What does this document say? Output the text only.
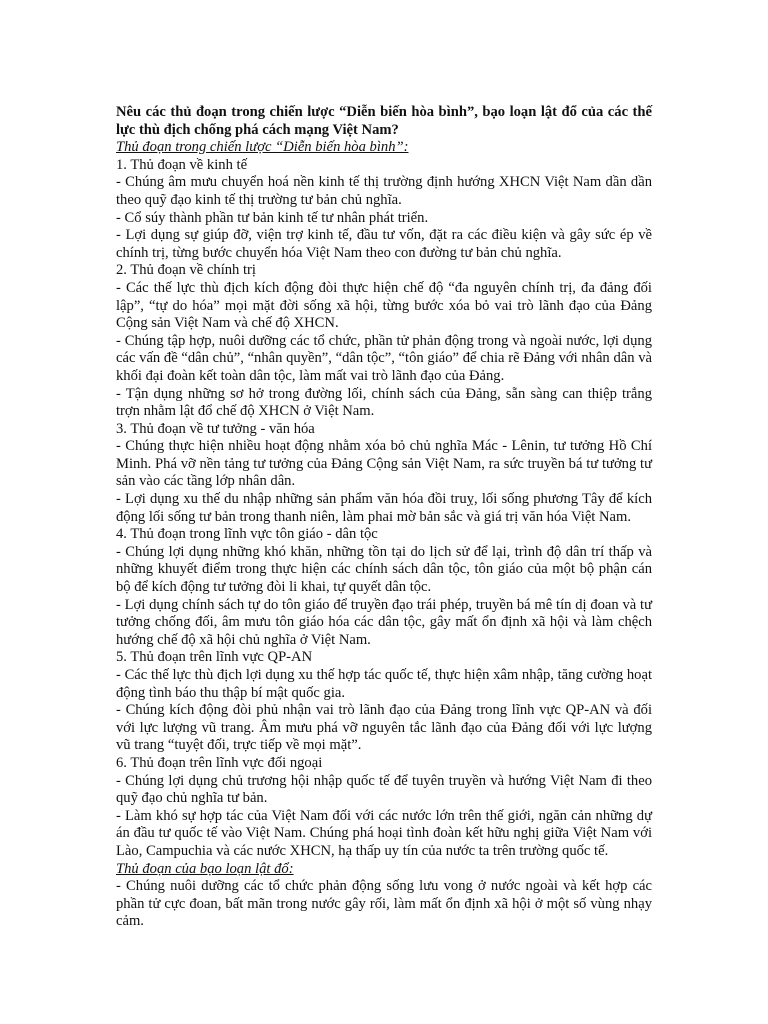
Nêu các thủ đoạn trong chiến lược “Diễn biến hòa bình”, bạo loạn lật đổ của các thế lực thù địch chống phá cách mạng Việt Nam?

Thủ đoạn trong chiến lược “Diễn biến hòa bình”:

1. Thủ đoạn về kinh tế

- Chúng âm mưu chuyển hoá nền kinh tế thị trường định hướng XHCN Việt Nam dần dần theo quỹ đạo kinh tế thị trường tư bản chủ nghĩa.

- Cổ súy thành phần tư bản kinh tế tư nhân phát triển.

- Lợi dụng sự giúp đỡ, viện trợ kinh tế, đầu tư vốn, đặt ra các điều kiện và gây sức ép về chính trị, từng bước chuyển hóa Việt Nam theo con đường tư bản chủ nghĩa.

2. Thủ đoạn về chính trị

- Các thế lực thù địch kích động đòi thực hiện chế độ “đa nguyên chính trị, đa đảng đối lập”, “tự do hóa” mọi mặt đời sống xã hội, từng bước xóa bỏ vai trò lãnh đạo của Đảng Cộng sản Việt Nam và chế độ XHCN.

- Chúng tập hợp, nuôi dưỡng các tổ chức, phần tử phản động trong và ngoài nước, lợi dụng các vấn đề “dân chủ”, “nhân quyền”, “dân tộc”, “tôn giáo” để chia rẽ Đảng với nhân dân và khối đại đoàn kết toàn dân tộc, làm mất vai trò lãnh đạo của Đảng.

- Tận dụng những sơ hở trong đường lối, chính sách của Đảng, sẵn sàng can thiệp trắng trợn nhằm lật đổ chế độ XHCN ở Việt Nam.

3. Thủ đoạn về tư tưởng - văn hóa

- Chúng thực hiện nhiều hoạt động nhằm xóa bỏ chủ nghĩa Mác - Lênin, tư tưởng Hồ Chí Minh. Phá vỡ nền tảng tư tưởng của Đảng Cộng sản Việt Nam, ra sức truyền bá tư tưởng tư sản vào các tầng lớp nhân dân.

- Lợi dụng xu thế du nhập những sản phẩm văn hóa đồi truỵ, lối sống phương Tây để kích động lối sống tư bản trong thanh niên, làm phai mờ bản sắc và giá trị văn hóa Việt Nam.

4. Thủ đoạn trong lĩnh vực tôn giáo - dân tộc

- Chúng lợi dụng những khó khăn, những tồn tại do lịch sử để lại, trình độ dân trí thấp và những khuyết điểm trong thực hiện các chính sách dân tộc, tôn giáo của một bộ phận cán bộ để kích động tư tưởng đòi li khai, tự quyết dân tộc.

- Lợi dụng chính sách tự do tôn giáo để truyền đạo trái phép, truyền bá mê tín dị đoan và tư tưởng chống đối, âm mưu tôn giáo hóa các dân tộc, gây mất ổn định xã hội và làm chệch hướng chế độ xã hội chủ nghĩa ở Việt Nam.

5. Thủ đoạn trên lĩnh vực QP-AN

- Các thế lực thù địch lợi dụng xu thế hợp tác quốc tế, thực hiện xâm nhập, tăng cường hoạt động tình báo thu thập bí mật quốc gia.

- Chúng kích động đòi phủ nhận vai trò lãnh đạo của Đảng trong lĩnh vực QP-AN và đối với lực lượng vũ trang. Âm mưu phá vỡ nguyên tắc lãnh đạo của Đảng đối với lực lượng vũ trang “tuyệt đối, trực tiếp về mọi mặt”.

6. Thủ đoạn trên lĩnh vực đối ngoại

- Chúng lợi dụng chủ trương hội nhập quốc tế để tuyên truyền và hướng Việt Nam đi theo quỹ đạo chủ nghĩa tư bản.

- Làm khó sự hợp tác của Việt Nam đối với các nước lớn trên thế giới, ngăn cản những dự án đầu tư quốc tế vào Việt Nam. Chúng phá hoại tình đoàn kết hữu nghị giữa Việt Nam với Lào, Campuchia và các nước XHCN, hạ thấp uy tín của nước ta trên trường quốc tế.

Thủ đoạn của bạo loạn lật đổ:

- Chúng nuôi dưỡng các tổ chức phản động sống lưu vong ở nước ngoài và kết hợp các phần tử cực đoan, bất mãn trong nước gây rối, làm mất ổn định xã hội ở một số vùng nhạy cảm.
